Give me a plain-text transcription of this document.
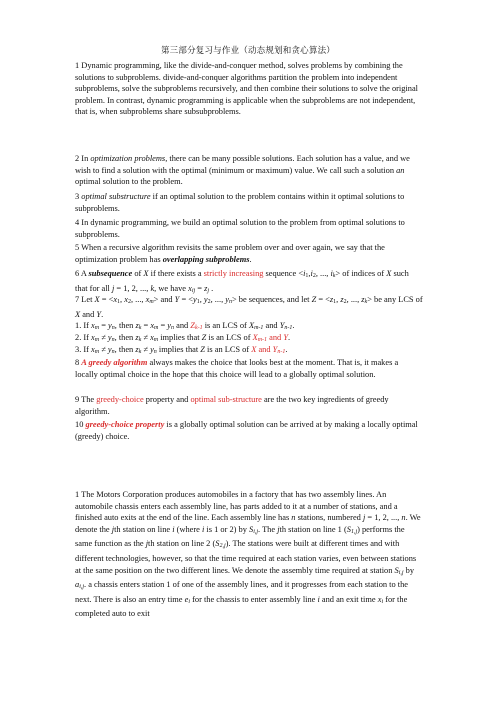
第三部分复习与作业（动态规划和贪心算法）

1 Dynamic programming, like the divide-and-conquer method, solves problems by combining the solutions to subproblems. divide-and-conquer algorithms partition the problem into independent subproblems, solve the subproblems recursively, and then combine their solutions to solve the original problem. In contrast, dynamic programming is applicable when the subproblems are not independent, that is, when subproblems share subsubproblems.

2 In optimization problems, there can be many possible solutions. Each solution has a value, and we wish to find a solution with the optimal (minimum or maximum) value. We call such a solution an optimal solution to the problem.

3 optimal substructure if an optimal solution to the problem contains within it optimal solutions to subproblems.

4 In dynamic programming, we build an optimal solution to the problem from optimal solutions to subproblems.

5 When a recursive algorithm revisits the same problem over and over again, we say that the optimization problem has overlapping subproblems.

6 A subsequence of X if there exists a strictly increasing sequence $<i_1,i_2$, ..., $i_k>$ of indices of X such that for all j = 1, 2, ..., k, we have $x_{ij} = z_j$ .

7 Let $X = <x_1$, $x_2$, ..., $x_m>$ and $Y = <y_1$, $y_2$, ..., $y_n>$ be sequences, and let $Z = <z_1$, $z_2$, ..., $z_k>$ be any LCS of X and Y.

1. If $x_m = y_n$, then $z_k = x_m = y_n$ and $Z_{k-1}$ is an LCS of $X_{m-1}$ and $Y_{n-1}$.

2. If $x_m \ne y_n$, then $z_k \ne x_m$ implies that Z is an LCS of $X_{m-1}$ and Y.

3. If $x_m \ne y_n$, then $z_k \ne y_n$ implies that Z is an LCS of X and $Y_{n-1}$.

8 A greedy algorithm always makes the choice that looks best at the moment. That is, it makes a locally optimal choice in the hope that this choice will lead to a globally optimal solution.

9 The greedy-choice property and optimal sub-structure are the two key ingredients of greedy algorithm.

10 greedy-choice property is a globally optimal solution can be arrived at by making a locally optimal (greedy) choice.

1 The Motors Corporation produces automobiles in a factory that has two assembly lines. An automobile chassis enters each assembly line, has parts added to it at a number of stations, and a finished auto exits at the end of the line. Each assembly line has n stations, numbered j = 1, 2, ..., n. We denote the jth station on line i (where i is 1 or 2) by $S_{i,j}$. The jth station on line 1 $(S_{1,j})$ performs the same function as the jth station on line 2 $(S_{2,j})$. The stations were built at different times and with different technologies, however, so that the time required at each station varies, even between stations at the same position on the two different lines. We denote the assembly time required at station $S_{i,j}$ by $a_{i,j}$. a chassis enters station 1 of one of the assembly lines, and it progresses from each station to the next. There is also an entry time $e_i$ for the chassis to enter assembly line i and an exit time $x_i$ for the completed auto to exit
